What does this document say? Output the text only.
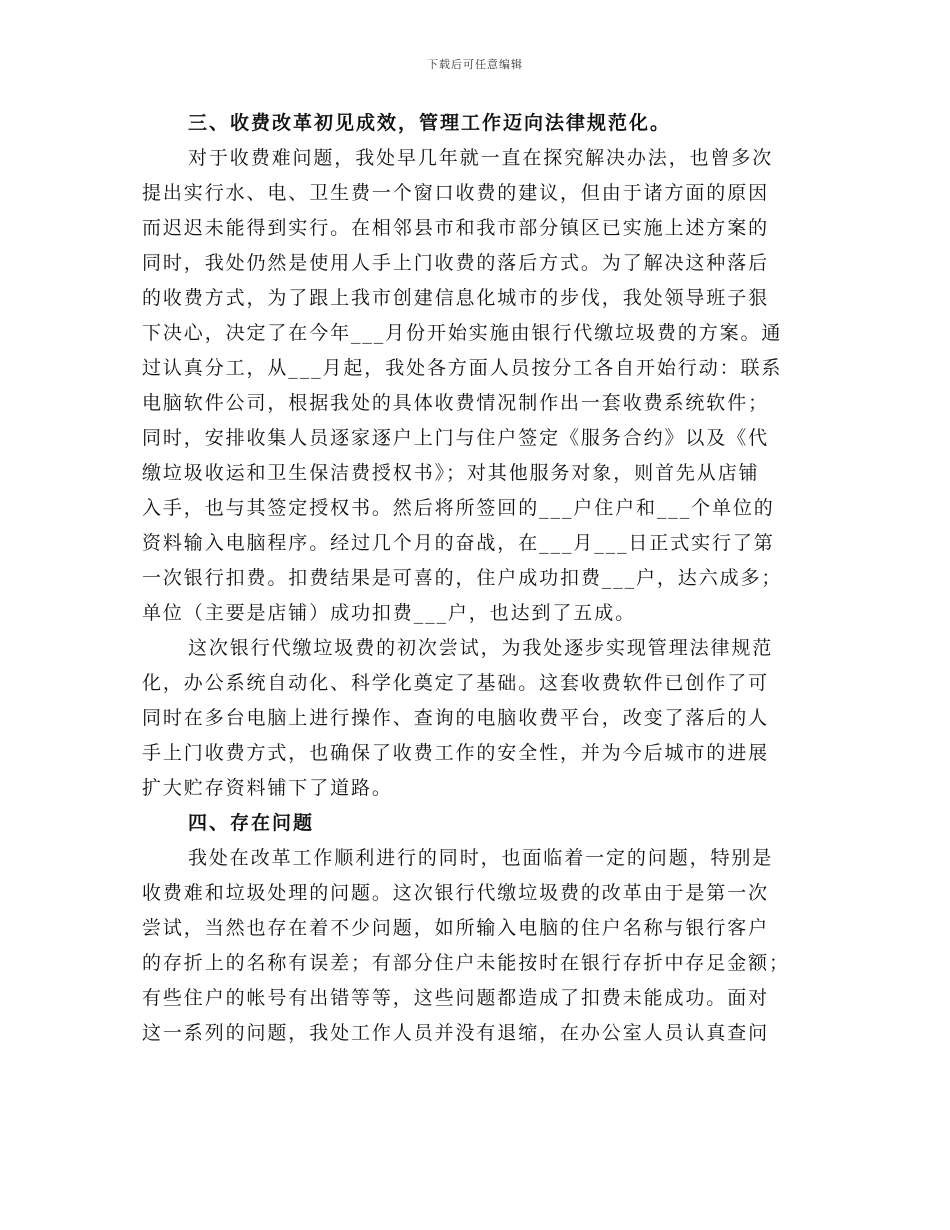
下载后可任意编辑
三、收费改革初见成效，管理工作迈向法律规范化。
对于收费难问题，我处早几年就一直在探究解决办法，也曾多次
提出实行水、电、卫生费一个窗口收费的建议，但由于诸方面的原因
而迟迟未能得到实行。在相邻县市和我市部分镇区已实施上述方案的
同时，我处仍然是使用人手上门收费的落后方式。为了解决这种落后
的收费方式，为了跟上我市创建信息化城市的步伐，我处领导班子狠
下决心，决定了在今年___月份开始实施由银行代缴垃圾费的方案。通
过认真分工，从___月起，我处各方面人员按分工各自开始行动：联系
电脑软件公司，根据我处的具体收费情况制作出一套收费系统软件；
同时，安排收集人员逐家逐户上门与住户签定《服务合约》以及《代
缴垃圾收运和卫生保洁费授权书》；对其他服务对象，则首先从店铺
入手，也与其签定授权书。然后将所签回的___户住户和___个单位的
资料输入电脑程序。经过几个月的奋战，在___月___日正式实行了第
一次银行扣费。扣费结果是可喜的，住户成功扣费___户，达六成多；
单位（主要是店铺）成功扣费___户，也达到了五成。
这次银行代缴垃圾费的初次尝试，为我处逐步实现管理法律规范
化，办公系统自动化、科学化奠定了基础。这套收费软件已创作了可
同时在多台电脑上进行操作、查询的电脑收费平台，改变了落后的人
手上门收费方式，也确保了收费工作的安全性，并为今后城市的进展
扩大贮存资料铺下了道路。
四、存在问题
我处在改革工作顺利进行的同时，也面临着一定的问题，特别是
收费难和垃圾处理的问题。这次银行代缴垃圾费的改革由于是第一次
尝试，当然也存在着不少问题，如所输入电脑的住户名称与银行客户
的存折上的名称有误差；有部分住户未能按时在银行存折中存足金额；
有些住户的帐号有出错等等，这些问题都造成了扣费未能成功。面对
这一系列的问题，我处工作人员并没有退缩，在办公室人员认真查问
